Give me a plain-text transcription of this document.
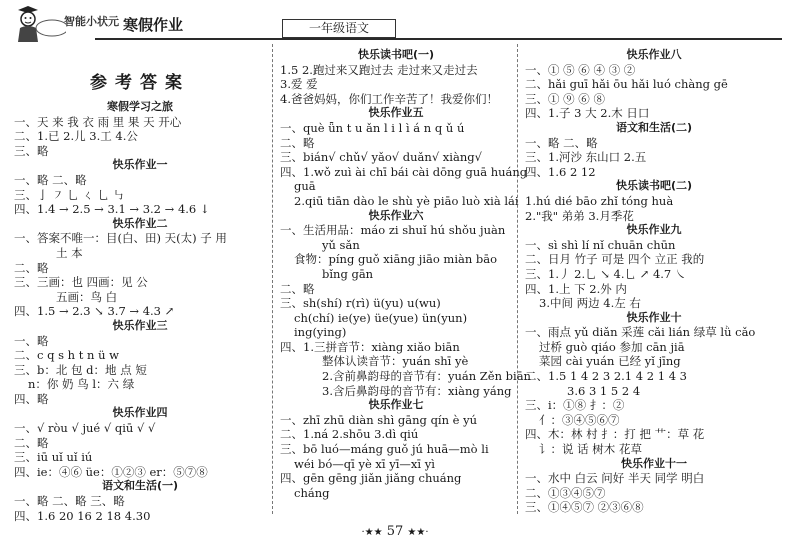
智能小状元 寒假作业	一年级语文
参考答案
寒假学习之旅
一、天 来 我 衣 雨 里 果 天 开心
二、1.已 2.儿 3.工 4.公
三、略
快乐作业一
一、略 二、略
三、亅 ㇇ 乚 ㄑ 乚 ㇉
四、1.4 → 2.5 → 3.1 → 3.2 → 4.6 ↓
快乐作业二
一、答案不唯一：目(白、田) 天(太) 子 用
土 本
二、略
三、三画：也 四画：见 公
五画：鸟 白
四、1.5 → 2.3 ↘ 3.7 → 4.3 ↗
快乐作业三
一、略
二、c q s h t n ü w
三、b：北 包 d：地 点 短
n：你 奶 鸟 l：六 绿
四、略
快乐作业四
一、√ ròu √ jué √ qiū √ √
二、略
三、iū uǐ uǐ iú
四、ie：④⑥ üe：①②③ er：⑤⑦⑧
语文和生活(一)
一、略 二、略 三、略
四、1.6 20 16 2 18 4.30
快乐读书吧(一)
1.5 2.跑过来又跑过去 走过来又走过去
3.爱 爱
4.爸爸妈妈，你们工作辛苦了！我爱你们！
快乐作业五
一、què ǖn t u ǎn l i l ì á n q ǔ ú
二、略
三、bián√ chǔ√ yǎo√ duǎn√ xiàng√
四、1.wǒ zuì ài chī bái cài dōng guā huáng
guā
2.qiū tiān dào le shù yè piāo luò xià lái
快乐作业六
一、生活用品：máo zi shuǐ hú shǒu juàn
yǔ sǎn
食物：píng guǒ xiāng jiāo miàn bāo
bǐng gān
二、略
三、sh(shí) r(rì) ü(yu) u(wu)
ch(chí) ie(ye) üe(yue) ün(yun)
ing(ying)
四、1.三拼音节：xiàng xiǎo biān
整体认读音节：yuán shī yè
2.含前鼻韵母的音节有：yuán Zěn biān
3.含后鼻韵母的音节有：xiàng yáng
快乐作业七
一、zhī zhū diàn shì gāng qín è yú
二、1.ná 2.shōu 3.dì qiú
三、bō luó—máng guǒ jú huā—mò li
wéi bó—qī yè xī yī—xī yì
四、gēn gēng jiǎn jiǎng chuáng
cháng
快乐作业八
一、① ⑤ ⑥ ④ ③ ②
二、hǎi guī hǎi ōu hǎi luó chàng gē
三、① ⑨ ⑥ ⑧
四、1.子 3 大 2.木 日口
语文和生活(二)
一、略 二、略
三、1.河沙 东山口 2.五
四、1.6 2 12
快乐读书吧(二)
1.hú dié bāo zhǐ tóng huà
2."我" 弟弟 3.月季花
快乐作业九
一、sì shì lí nǐ chuān chūn
二、日月 竹子 可是 四个 立正 我的
三、1.丿 2.乚 ↘ 4.乚 ↗ 4.7 ㇏
四、1.上 下 2.外 内
3.中间 两边 4.左 右
快乐作业十
一、雨点 yǔ diǎn 采莲 cǎi lián 绿草 lǜ cǎo
过桥 guò qiáo 参加 cān jiā
菜园 cài yuán 已经 yǐ jīng
二、1.5 1 4 2 3 2.1 4 2 1 4 3
3.6 3 1 5 2 4
三、i：①⑧ 扌：②
亻：③④⑤⑥⑦
四、木：林 村 扌：打 把 艹：草 花
讠：说 话 树木 花草
快乐作业十一
一、水中 白云 问好 半天 同学 明白
二、①③④⑤⑦
三、①④⑤⑦ ②③⑥⑧
·★★ 57 ★★·
